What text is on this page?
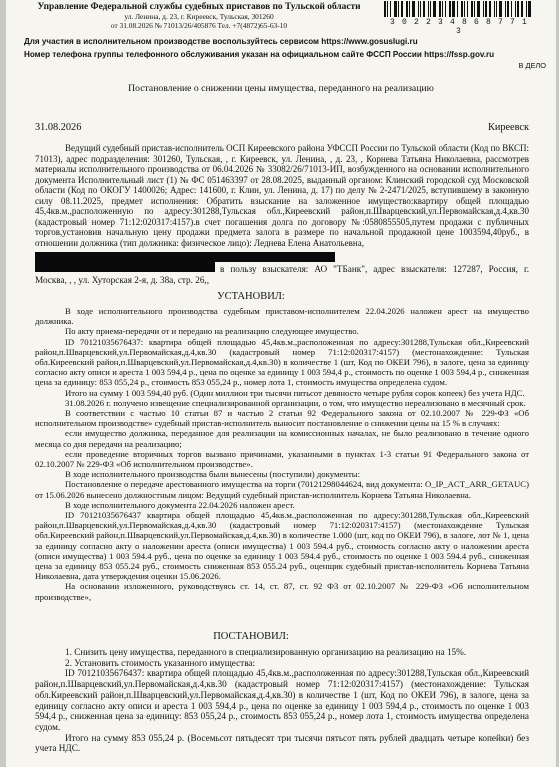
Управление Федеральной службы судебных приставов по Тульской области
ул. Ленина, д. 23, г. Киреевск, Тульская, 301260
от 31.08.2026 № 71013/26/405876 Тел. +7(4872)65-63-10	3 0 2 2 3 4 8 6 8 7 7 1 3
Для участия в исполнительном производстве воспользуйтесь сервисом https://www.gosuslugi.ru
Номер телефона группы телефонного обслуживания указан на официальном сайте ФССП России https://fssp.gov.ru
В ДЕЛО
Постановление о снижении цены имущества, переданного на реализацию
31.08.2026	Киреевск

Ведущий судебный пристав-исполнитель ОСП Киреевского района УФССП России по Тульской области (Код по ВКСП: 71013), адрес подразделения: 301260, Тульская, , г. Киреевск, ул. Ленина, , д. 23, , Корнева Татьяна Николаевна, рассмотрев материалы исполнительного производства от 06.04.2026 № 33082/26/71013-ИП, возбужденного на основании исполнительного документа Исполнительный лист (1) № ФС 051463397 от 28.08.2025, выданный органом: Клинский городской суд Московской области (Код по ОКОГУ 1400026; Адрес: 141600, г. Клин, ул. Ленина, д. 17) по делу № 2-2471/2025, вступившему в законную силу 08.11.2025, предмет исполнения: Обратить взыскание на заложенное имущество:квартиру общей площадью 45,4кв.м.,расположенную по адресу:301288,Тульская обл.,Киреевский район,п.Шварцевский,ул.Первомайская,д.4,кв.30 (кадастровый номер 71:12:020317:4157).в счет погашения долга по договору №:0580855505,путем продажи с публичных торгов,установив начальную цену продажи предмета залога в размере по начальной продажной цене 1003594,40руб., в отношении должника (тип должника: физическое лицо): Леднева Елена Анатольевна,

в пользу взыскателя: АО "ТБанк", адрес взыскателя: 127287, Россия, г. Москва, , , ул. Хуторская 2-я, д. 38а, стр. 26,,

УСТАНОВИЛ:

В ходе исполнительного производства судебным приставом-исполнителем 22.04.2026 наложен арест на имущество должника.

По акту приема-передачи от и передано на реализацию следующее имущество.

ID 70121035676437: квартира общей площадью 45,4кв.м.,расположенная по адресу:301288,Тульская обл.,Киреевский район,п.Шварцевский,ул.Первомайская,д.4,кв.30 (кадастровый номер 71:12:020317:4157) (местонахождение: Тульская обл.Киреевский район,п.Шварцевский,ул.Первомайская,д.4,кв.30) в количестве 1 (шт, Код по ОКЕИ 796), в залоге, цена за единицу согласно акту описи и ареста 1 003 594,4 р., цена по оценке за единицу 1 003 594,4 р., стоимость по оценке 1 003 594,4 р., сниженная цена за единицу: 853 055,24 р., стоимость 853 055,24 р., номер лота 1, стоимость имущества определена судом.

Итого на сумму 1 003 594,40 руб. (Один миллион три тысячи пятьсот девяносто четыре рубля сорок копеек) без учета НДС.

31.08.2026 г. получено извещение специализированной организации, о том, что имущество нереализовано в месячный срок.

В соответствии с частью 10 статьи 87 и частью 2 статьи 92 Федерального закона от 02.10.2007 № 229-ФЗ «Об исполнительном производстве» судебный пристав-исполнитель выносит постановление о снижении цены на 15 % в случаях:

если имущество должника, переданное для реализации на комиссионных началах, не было реализовано в течение одного месяца со дня передачи на реализацию;

если проведение вторичных торгов вызвано причинами, указанными в пунктах 1-3 статьи 91 Федерального закона от 02.10.2007 № 229-ФЗ «Об исполнительном производстве».

В ходе исполнительного производства были вынесены (поступили) документы:

Постановление о передаче арестованного имущества на торги (70121298044624, вид документа: O_IP_ACT_ARR_GETAUC) от 15.06.2026 вынесено должностным лицом: Ведущий судебный пристав-исполнитель Корнева Татьяна Николаевна.

В ходе исполнительного документа 22.04.2026 наложен арест.

ID 70121035676437 квартира общей площадью 45,4кв.м.,расположенная по адресу:301288,Тульская обл.,Киреевский район,п.Шварцевский,ул.Первомайская,д.4,кв.30 (кадастровый номер 71:12:020317:4157) (местонахождение Тульская обл.Киреевский район,п.Шварцевский,ул.Первомайская,д.4,кв.30) в количестве 1.000 (шт, код по ОКЕИ 796), в залоге, лот № 1, цена за единицу согласно акту о наложении ареста (описи имущества) 1 003 594.4 руб., стоимость согласно акту о наложении ареста (описи имущества) 1 003 594.4 руб., цена по оценке за единицу 1 003 594.4 руб., стоимость по оценке 1 003 594.4 руб., сниженная цена за единицу 853 055.24 руб., стоимость сниженная 853 055.24 руб., оценщик судебный пристав-исполнитель Корнева Татьяна Николаевна, дата утверждения оценки 15.06.2026.

На основании изложенного, руководствуясь ст. 14, ст. 87, ст. 92 ФЗ от 02.10.2007 № 229-ФЗ «Об исполнительном производстве»,

ПОСТАНОВИЛ:

1. Снизить цену имущества, переданного в специализированную организацию на реализацию на 15%.

2. Установить стоимость указанного имущества:

ID 70121035676437: квартира общей площадью 45,4кв.м.,расположенная по адресу:301288,Тульская обл.,Киреевский район,п.Шварцевский,ул.Первомайская,д.4,кв.30 (кадастровый номер 71:12:020317:4157) (местонахождение: Тульская обл.Киреевский район,п.Шварцевский,ул.Первомайская,д.4,кв.30) в количестве 1 (шт, Код по ОКЕИ 796), в залоге, цена за единицу согласно акту описи и ареста 1 003 594,4 р., цена по оценке за единицу 1 003 594,4 р., стоимость по оценке 1 003 594,4 р., сниженная цена за единицу: 853 055,24 р., стоимость 853 055,24 р., номер лота 1, стоимость имущества определена судом.

Итого на сумму 853 055,24 р. (Восемьсот пятьдесят три тысячи пятьсот пять рублей двадцать четыре копейки) без учета НДС.
